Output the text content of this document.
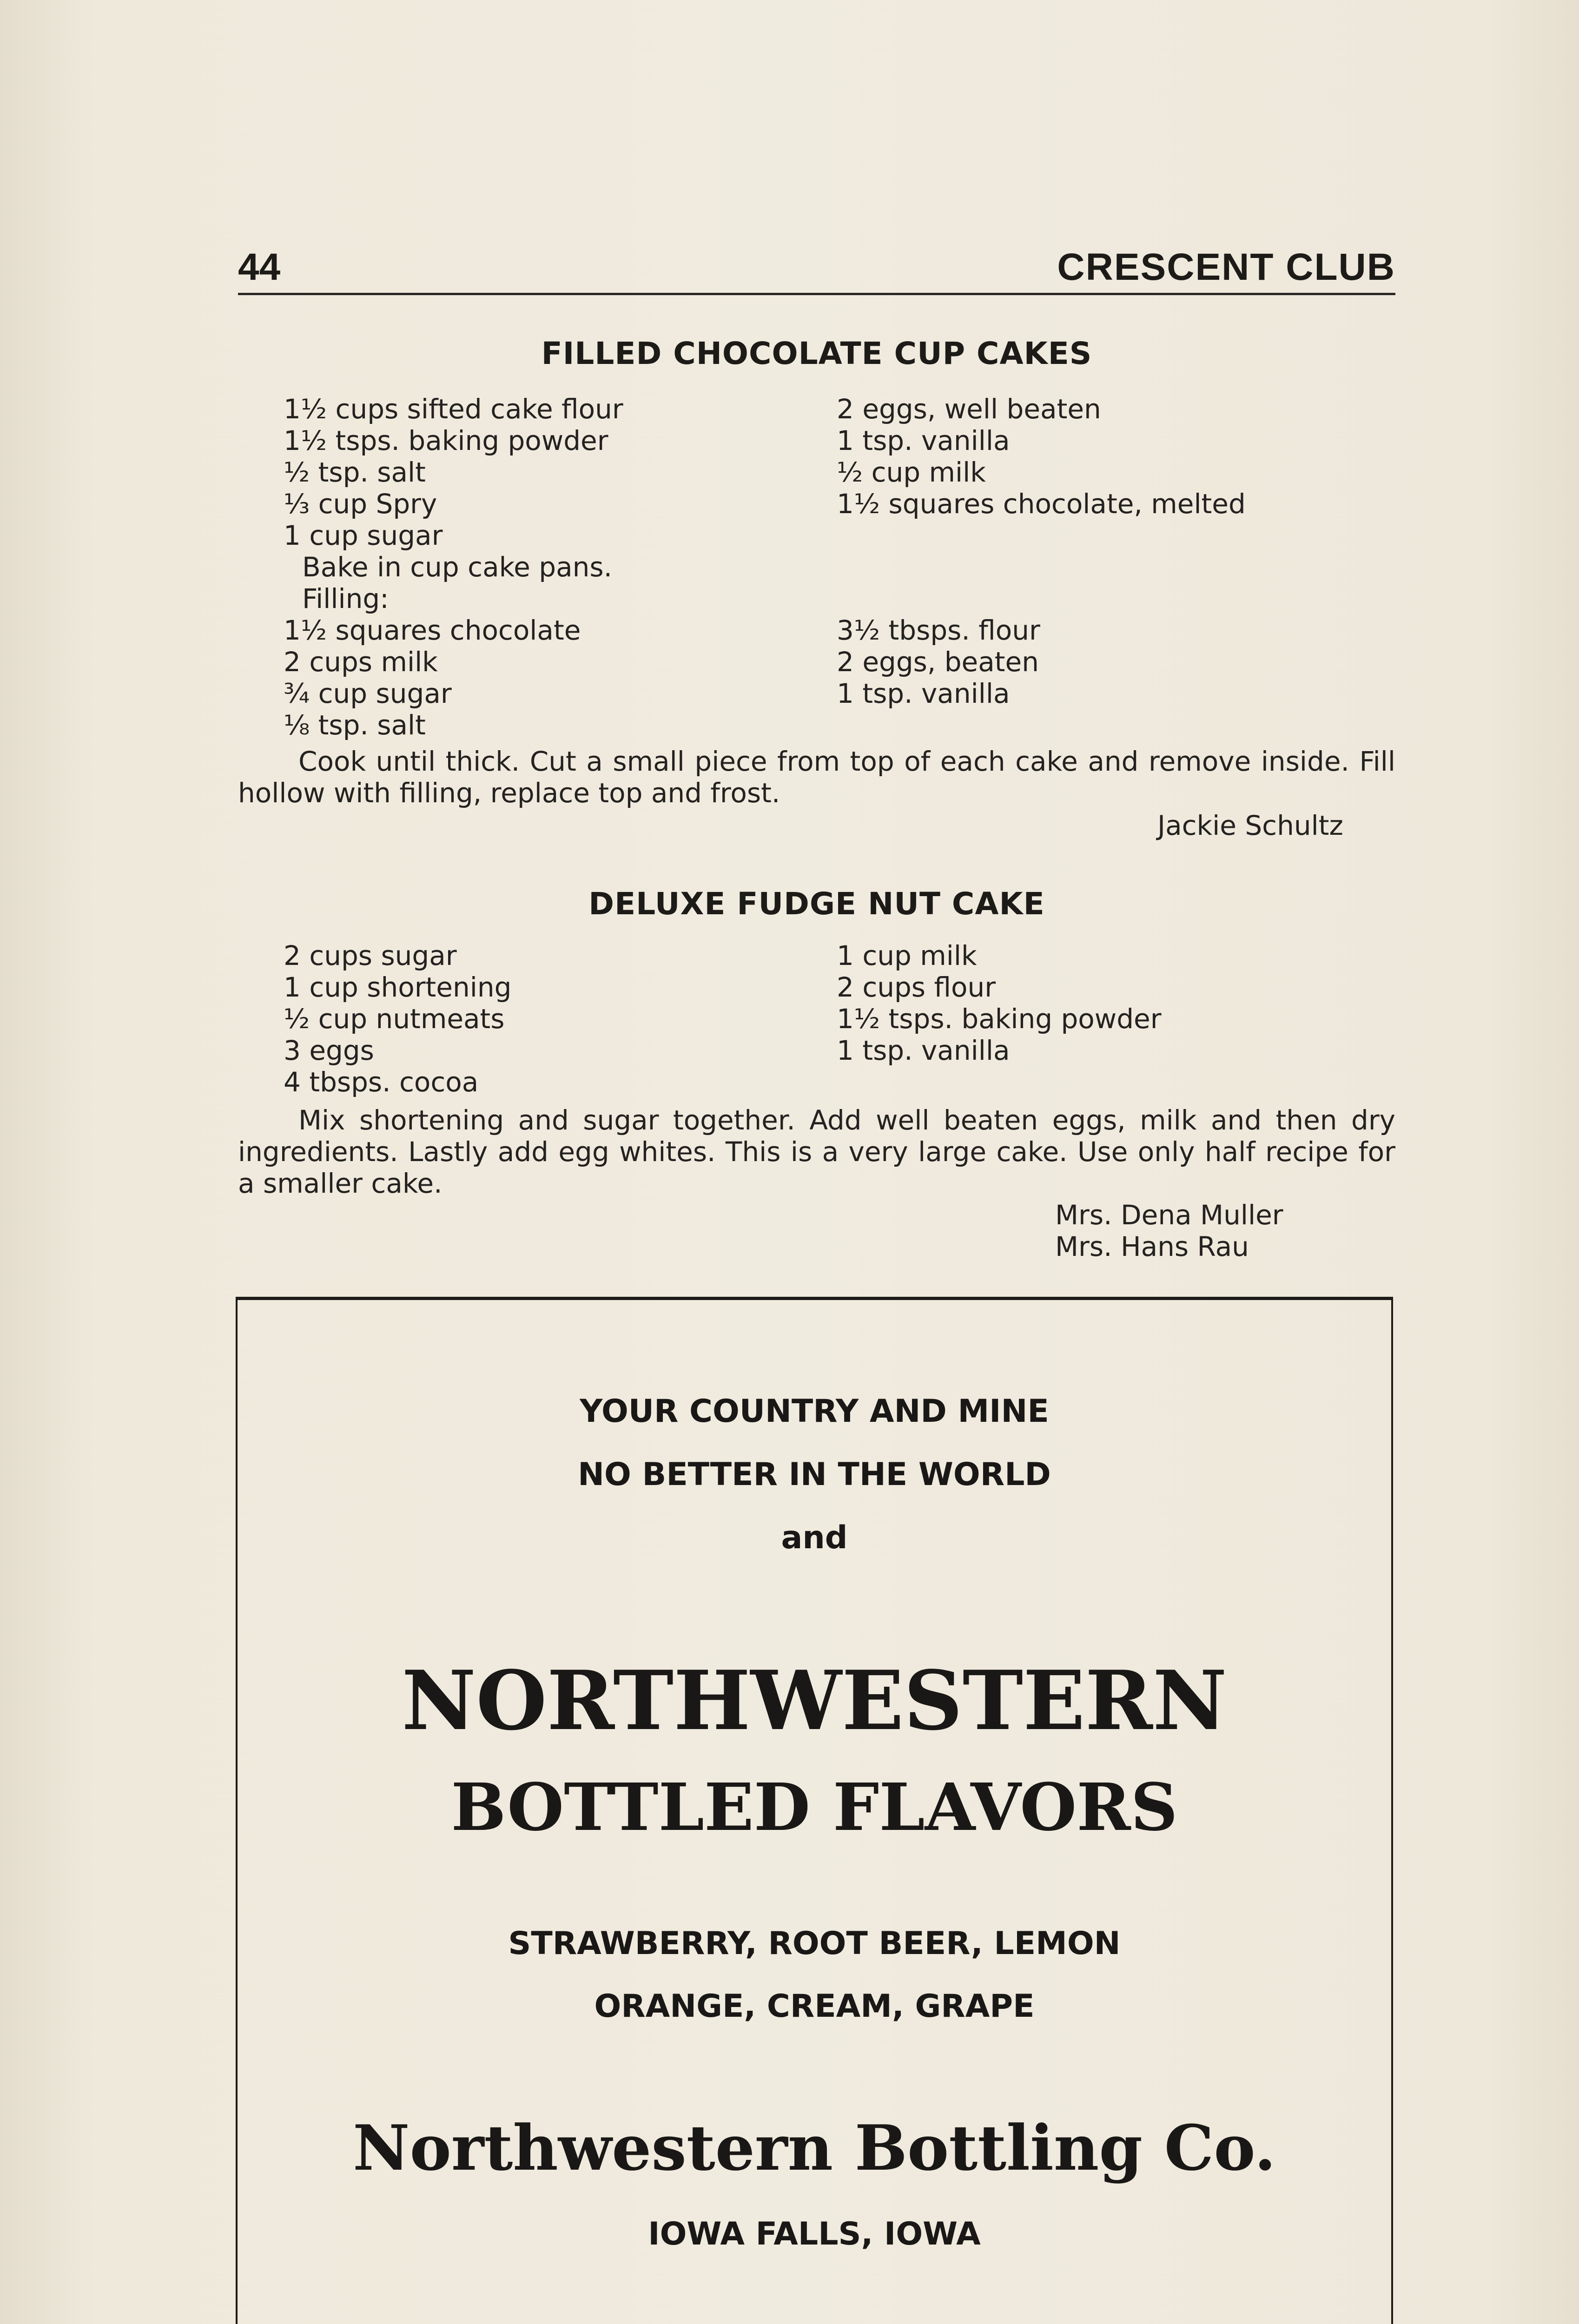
44	CRESCENT CLUB
FILLED CHOCOLATE CUP CAKES
1½ cups sifted cake flour
1½ tsps. baking powder
½ tsp. salt
⅓ cup Spry
1 cup sugar
Bake in cup cake pans.
Filling:
1½ squares chocolate
2 cups milk
¾ cup sugar
⅛ tsp. salt
2 eggs, well beaten
1 tsp. vanilla
½ cup milk
1½ squares chocolate, melted
3½ tbsps. flour
2 eggs, beaten
1 tsp. vanilla
Cook until thick. Cut a small piece from top of each cake and remove inside. Fill hollow with filling, replace top and frost.
Jackie Schultz
DELUXE FUDGE NUT CAKE
2 cups sugar
1 cup shortening
½ cup nutmeats
3 eggs
4 tbsps. cocoa
1 cup milk
2 cups flour
1½ tsps. baking powder
1 tsp. vanilla
Mix shortening and sugar together. Add well beaten eggs, milk and then dry ingredients. Lastly add egg whites. This is a very large cake. Use only half recipe for a smaller cake.
Mrs. Dena Muller
Mrs. Hans Rau
YOUR COUNTRY AND MINE
NO BETTER IN THE WORLD
and
NORTHWESTERN
BOTTLED FLAVORS
STRAWBERRY, ROOT BEER, LEMON
ORANGE, CREAM, GRAPE
Northwestern Bottling Co.
IOWA FALLS, IOWA
